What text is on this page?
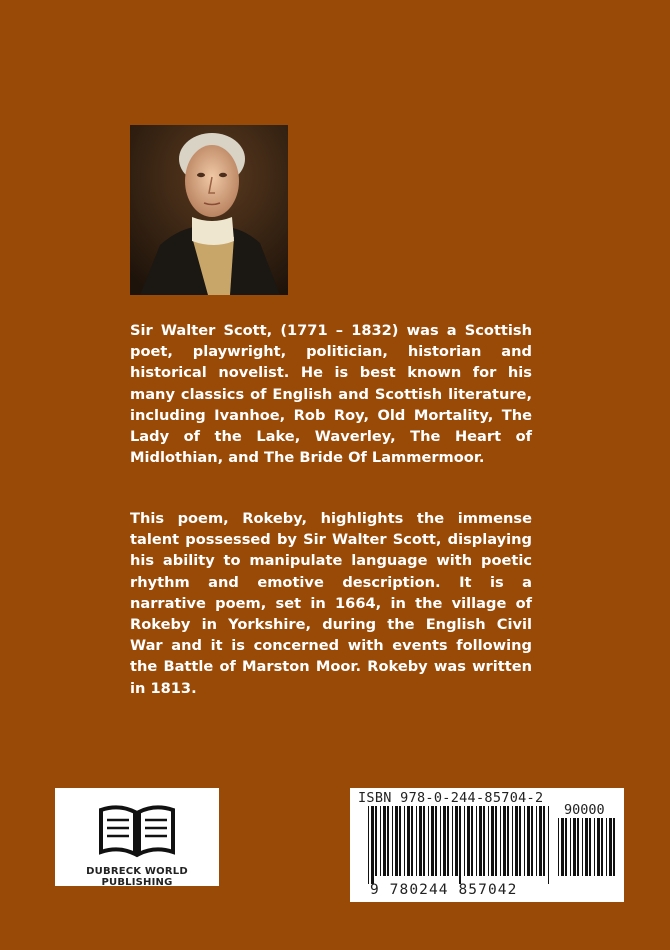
Sir Walter Scott, (1771 – 1832) was a Scottish poet, playwright, politician, historian and historical novelist. He is best known for his many classics of English and Scottish literature, including Ivanhoe, Rob Roy, Old Mortality, The Lady of the Lake, Waverley, The Heart of Midlothian, and The Bride Of Lammermoor.

This poem, Rokeby, highlights the immense talent possessed by Sir Walter Scott, displaying his ability to manipulate language with poetic rhythm and emotive description. It is a narrative poem, set in 1664, in the village of Rokeby in Yorkshire, during the English Civil War and it is concerned with events following the Battle of Marston Moor. Rokeby was written in 1813.

DUBRECK WORLD PUBLISHING
ISBN 978-0-244-85704-2
90000
9 780244 857042
